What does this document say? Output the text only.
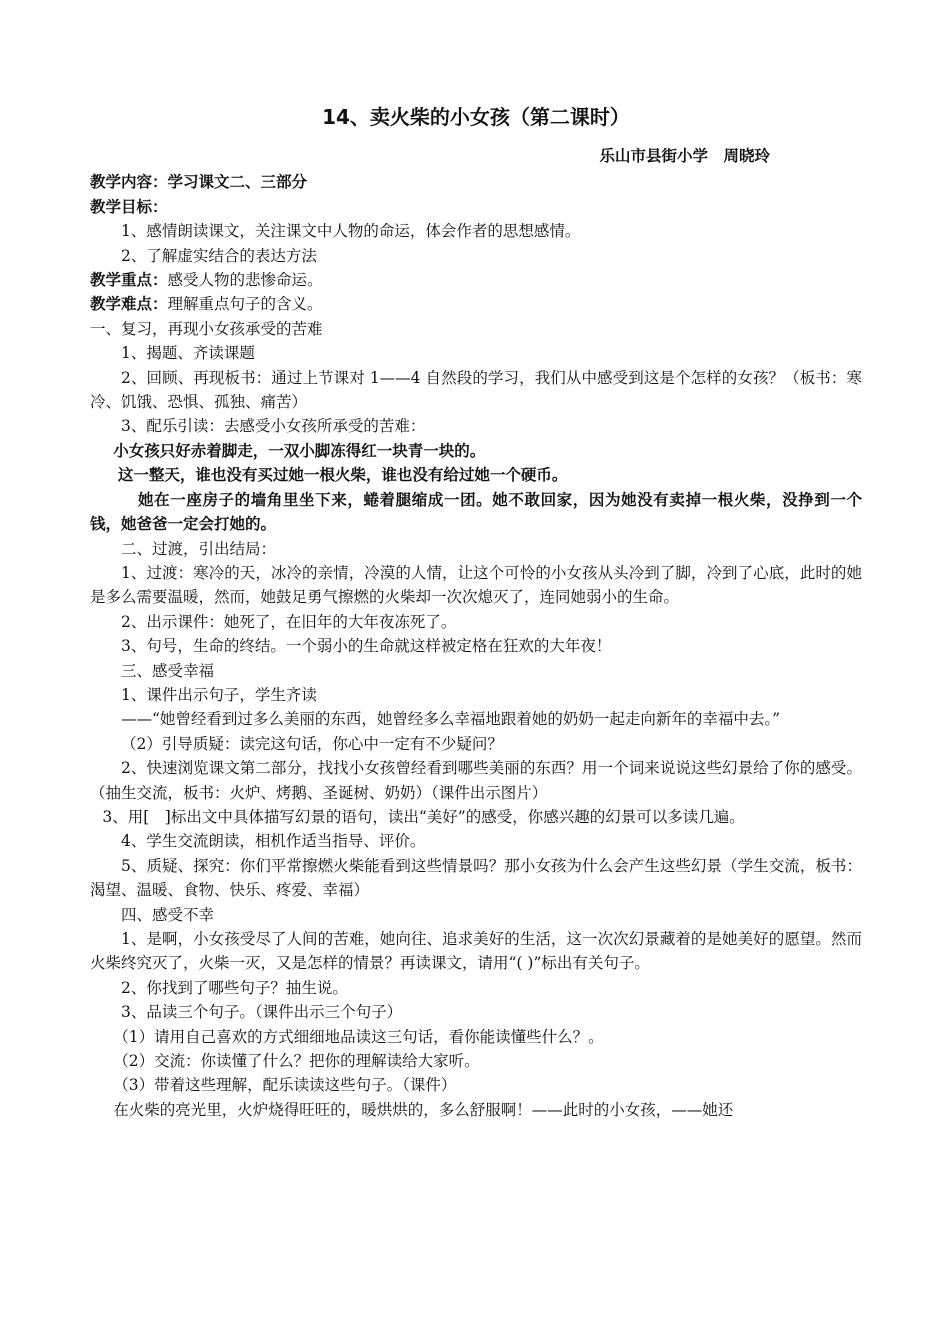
14、卖火柴的小女孩（第二课时）
乐山市县街小学　周晓玲

教学内容：学习课文二、三部分

教学目标：

1、感情朗读课文，关注课文中人物的命运，体会作者的思想感情。

2、了解虚实结合的表达方法

教学重点：感受人物的悲惨命运。

教学难点：理解重点句子的含义。

一、复习，再现小女孩承受的苦难

1、揭题、齐读课题

2、回顾、再现板书：通过上节课对 1——4 自然段的学习，我们从中感受到这是个怎样的女孩？（板书：寒冷、饥饿、恐惧、孤独、痛苦）

3、配乐引读：去感受小女孩所承受的苦难：

小女孩只好赤着脚走，一双小脚冻得红一块青一块的。

这一整天，谁也没有买过她一根火柴，谁也没有给过她一个硬币。

她在一座房子的墙角里坐下来，蜷着腿缩成一团。她不敢回家，因为她没有卖掉一根火柴，没挣到一个钱，她爸爸一定会打她的。

二、过渡，引出结局：

1、过渡：寒冷的天，冰冷的亲情，冷漠的人情，让这个可怜的小女孩从头冷到了脚，冷到了心底，此时的她是多么需要温暖，然而，她鼓足勇气擦燃的火柴却一次次熄灭了，连同她弱小的生命。

2、出示课件：她死了，在旧年的大年夜冻死了。

3、句号，生命的终结。一个弱小的生命就这样被定格在狂欢的大年夜！

三、感受幸福

1、课件出示句子，学生齐读

——“她曾经看到过多么美丽的东西，她曾经多么幸福地跟着她的奶奶一起走向新年的幸福中去。”

（2）引导质疑：读完这句话，你心中一定有不少疑问？

2、快速浏览课文第二部分，找找小女孩曾经看到哪些美丽的东西？用一个词来说说这些幻景给了你的感受。（抽生交流，板书：火炉、烤鹅、圣诞树、奶奶）（课件出示图片）

3、用[　]标出文中具体描写幻景的语句，读出“美好”的感受，你感兴趣的幻景可以多读几遍。

4、学生交流朗读，相机作适当指导、评价。

5、质疑、探究：你们平常擦燃火柴能看到这些情景吗？那小女孩为什么会产生这些幻景（学生交流，板书：渴望、温暖、食物、快乐、疼爱、幸福）

四、感受不幸

1、是啊，小女孩受尽了人间的苦难，她向往、追求美好的生活，这一次次幻景藏着的是她美好的愿望。然而火柴终究灭了，火柴一灭，又是怎样的情景？再读课文，请用“( )”标出有关句子。

2、你找到了哪些句子？抽生说。

3、品读三个句子。（课件出示三个句子）

（1）请用自己喜欢的方式细细地品读这三句话，看你能读懂些什么？。

（2）交流：你读懂了什么？把你的理解读给大家听。

（3）带着这些理解，配乐读读这些句子。（课件）

在火柴的亮光里，火炉烧得旺旺的，暖烘烘的，多么舒服啊！——此时的小女孩，——她还
